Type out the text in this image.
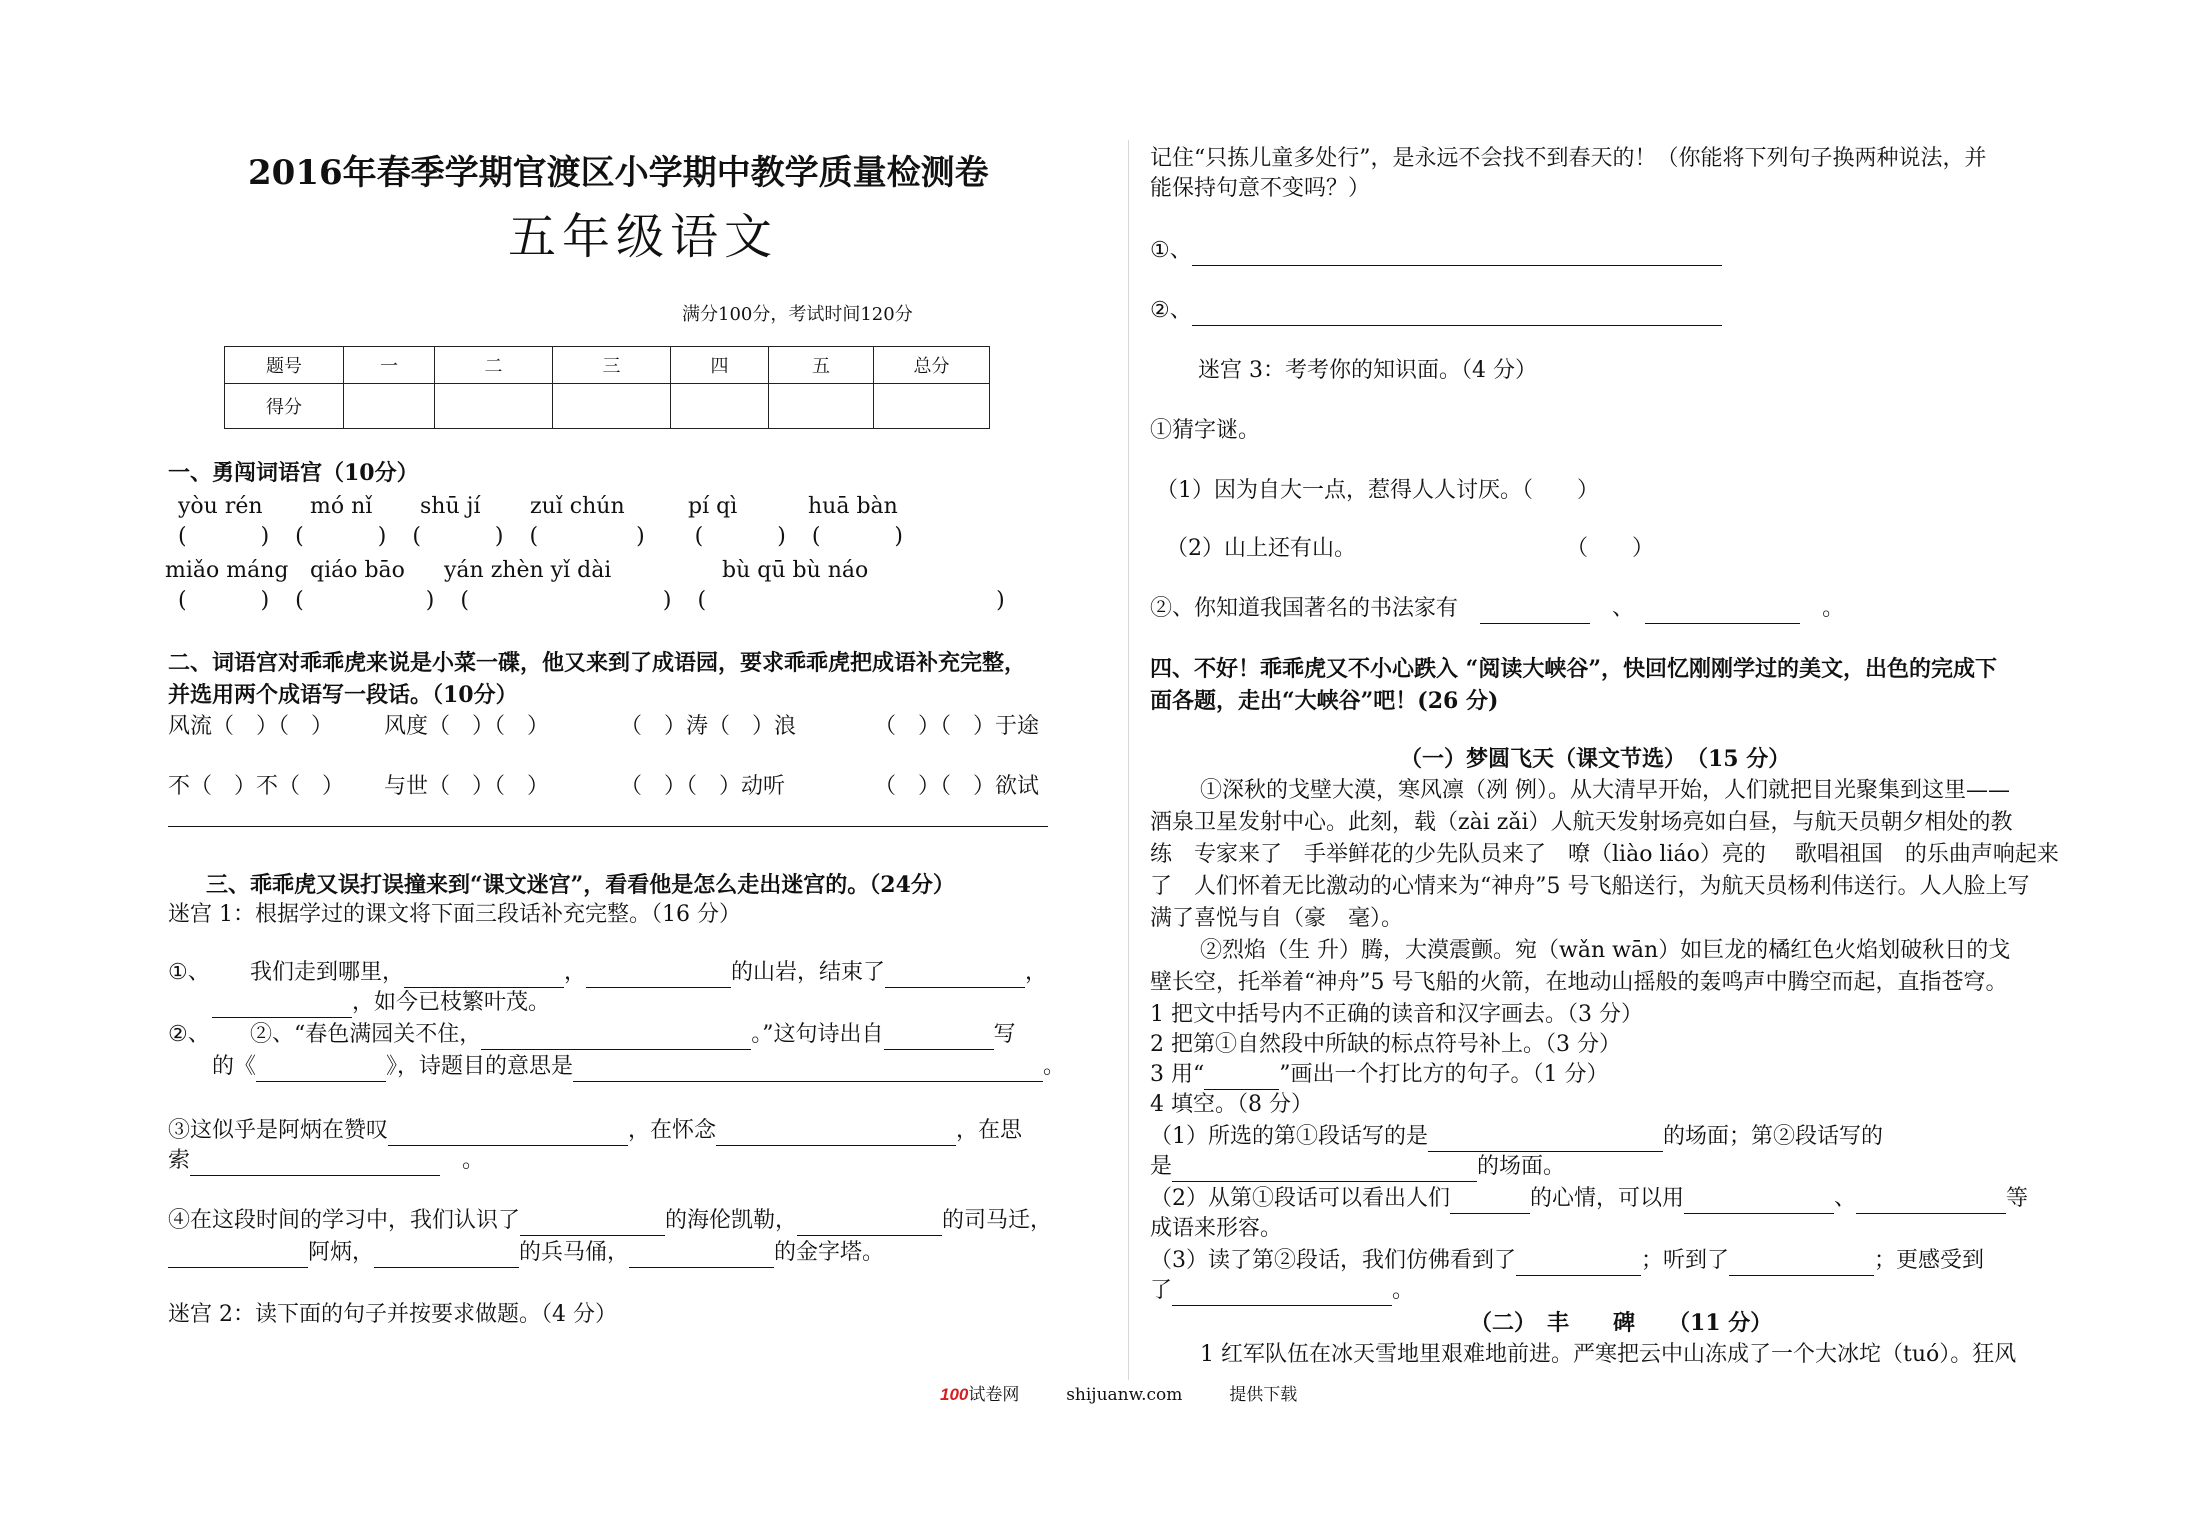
2016年春季学期官渡区小学期中教学质量检测卷
五年级语文
满分100分，考试时间120分
题号	一	二	三	四	五	总分
得分						
一、勇闯词语宫（10分）
yòu rén mó nǐ shū jí zuǐ chún	pí qì	huā bàn
(　　　)　(　　　)　(　　　)　(　　　　)　　(　　　)　(　　　)
miǎo máng qiáo bāo yán zhèn yǐ dài	bù qū bù náo
(　　　)　(　　　　　)　(　　　　　　　　)　(　　　　　　　　　　　　)
二、词语宫对乖乖虎来说是小菜一碟，他又来到了成语园，要求乖乖虎把成语补充完整，
并选用两个成语写一段话。（10分）
风流（　）（　） 风度（　）（　）	（　）涛（　）浪	（　）（　）于途
不（　）不（　） 与世（　）（　）	（　）（　）动听	（　）（　）欲试
三、乖乖虎又误打误撞来到“课文迷宫”，看看他是怎么走出迷宫的。（24分）
迷宫 1：根据学过的课文将下面三段话补充完整。（16 分）
①、 我们走到哪里，	，	的山岩，结束了	，
，如今已枝繁叶茂。
②、 ②、“春色满园关不住，	。”这句诗出自	写
的《	》，诗题目的意思是	。
③这似乎是阿炳在赞叹	，在怀念	，在思
索	　。
④在这段时间的学习中，我们认识了	的海伦凯勒，	的司马迁，
阿炳，	的兵马俑，	的金字塔。
迷宫 2：读下面的句子并按要求做题。（4 分）
记住“只拣儿童多处行”，是永远不会找不到春天的！（你能将下列句子换两种说法，并
能保持句意不变吗？）
①、
②、
迷宫 3：考考你的知识面。（4 分）
①猜字谜。
（1）因为自大一点，惹得人人讨厌。（　　）
（2）山上还有山。	（　　）
②、你知道我国著名的书法家有　　	、　　	。
四、不好！乖乖虎又不小心跌入 “阅读大峡谷”，快回忆刚刚学过的美文，出色的完成下
面各题，走出“大峡谷”吧！(26 分)
（一）梦圆飞天（课文节选）　（15 分）
①深秋的戈壁大漠，寒风凛（冽 例）。从大清早开始，人们就把目光聚集到这里——
酒泉卫星发射中心。此刻，载（zài zǎi）人航天发射场亮如白昼，与航天员朝夕相处的教
练　专家来了　手举鲜花的少先队员来了　嘹（liào liáo）亮的　 歌唱祖国　的乐曲声响起来
了　人们怀着无比激动的心情来为“神舟”5 号飞船送行，为航天员杨利伟送行。人人脸上写
满了喜悦与自（豪　毫）。
②烈焰（生 升）腾，大漠震颤。宛（wǎn wān）如巨龙的橘红色火焰划破秋日的戈
壁长空，托举着“神舟”5 号飞船的火箭，在地动山摇般的轰鸣声中腾空而起，直指苍穹。
1 把文中括号内不正确的读音和汉字画去。（3 分）
2 把第①自然段中所缺的标点符号补上。（3 分）
3 用“	”画出一个打比方的句子。（1 分）
4 填空。（8 分）
（1）所选的第①段话写的是	的场面；第②段话写的
是	的场面。
（2）从第①段话可以看出人们	的心情，可以用	、	等
成语来形容。
（3）读了第②段话，我们仿佛看到了	；听到了	；更感受到
了	。
（二）　丰　　碑　　（11 分）
1 红军队伍在冰天雪地里艰难地前进。严寒把云中山冻成了一个大冰坨（tuó）。狂风
100试卷网	shijuanw.com	提供下载
